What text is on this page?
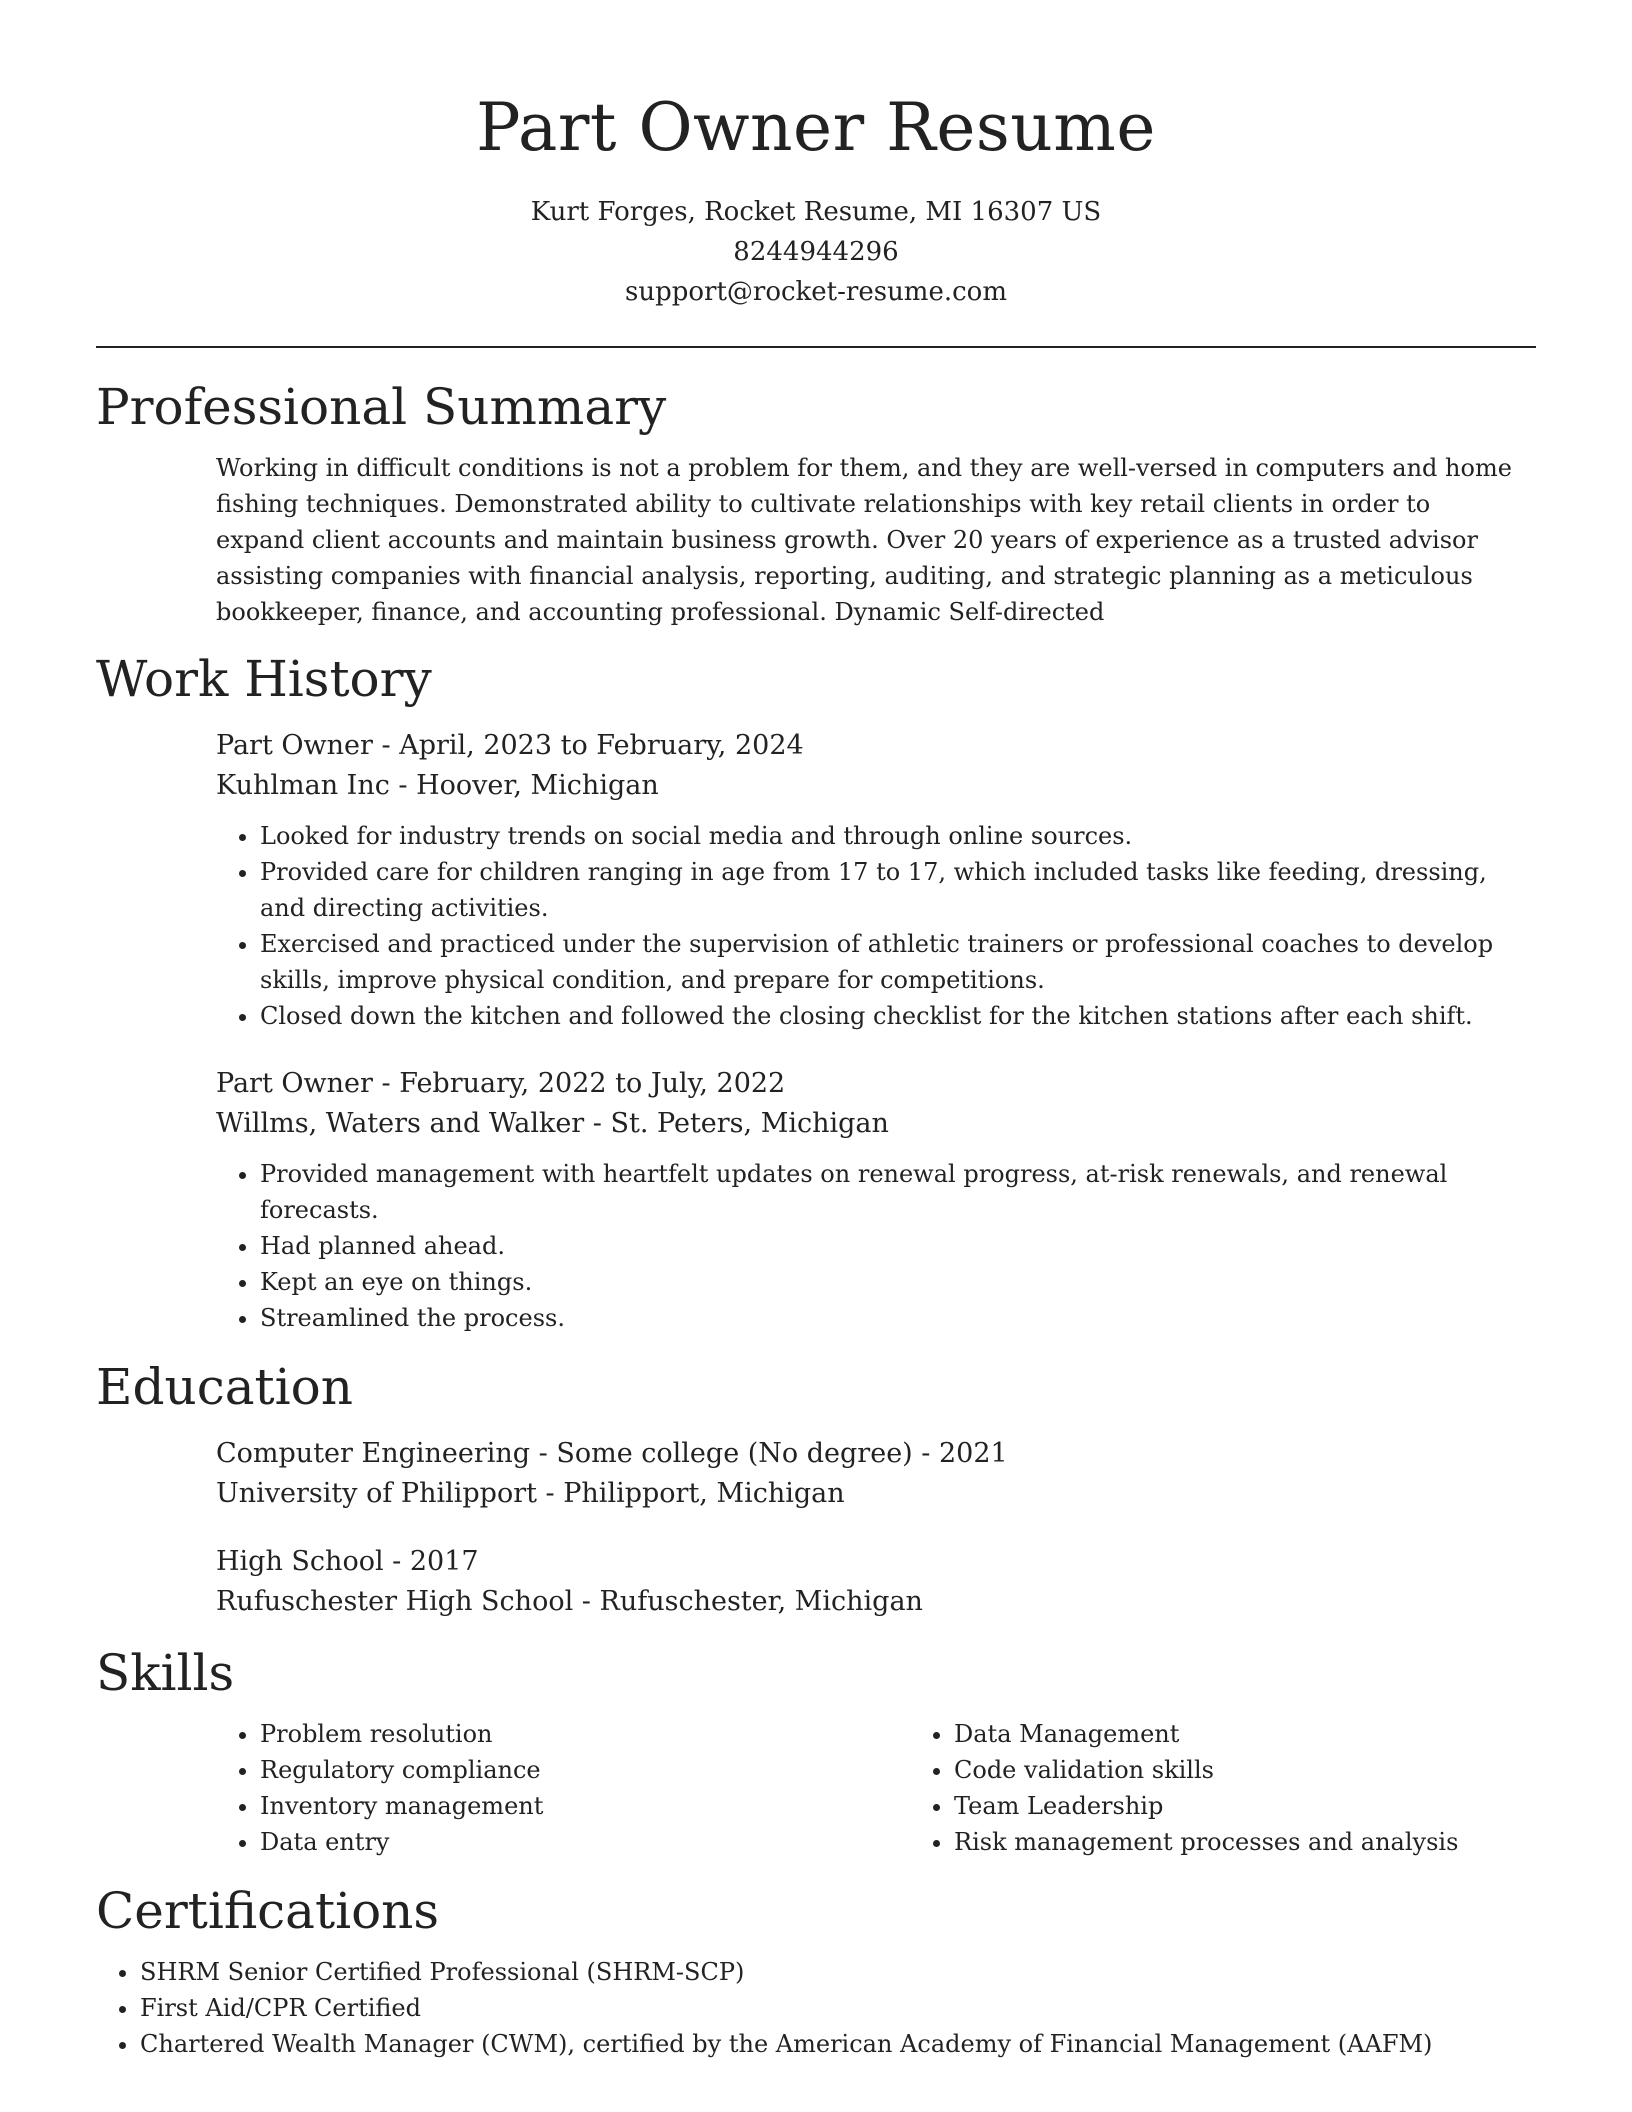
Part Owner Resume
Kurt Forges, Rocket Resume, MI 16307 US
8244944296
support@rocket-resume.com
Professional Summary
Working in difficult conditions is not a problem for them, and they are well-versed in computers and home fishing techniques. Demonstrated ability to cultivate relationships with key retail clients in order to expand client accounts and maintain business growth. Over 20 years of experience as a trusted advisor assisting companies with financial analysis, reporting, auditing, and strategic planning as a meticulous bookkeeper, finance, and accounting professional. Dynamic Self-directed
Work History
Part Owner - April, 2023 to February, 2024
Kuhlman Inc - Hoover, Michigan
• Looked for industry trends on social media and through online sources.
• Provided care for children ranging in age from 17 to 17, which included tasks like feeding, dressing, and directing activities.
• Exercised and practiced under the supervision of athletic trainers or professional coaches to develop skills, improve physical condition, and prepare for competitions.
• Closed down the kitchen and followed the closing checklist for the kitchen stations after each shift.
Part Owner - February, 2022 to July, 2022
Willms, Waters and Walker - St. Peters, Michigan
• Provided management with heartfelt updates on renewal progress, at-risk renewals, and renewal forecasts.
• Had planned ahead.
• Kept an eye on things.
• Streamlined the process.
Education
Computer Engineering - Some college (No degree) - 2021
University of Philipport - Philipport, Michigan
High School - 2017
Rufuschester High School - Rufuschester, Michigan
Skills
• Problem resolution
• Regulatory compliance
• Inventory management
• Data entry
• Data Management
• Code validation skills
• Team Leadership
• Risk management processes and analysis
Certifications
• SHRM Senior Certified Professional (SHRM-SCP)
• First Aid/CPR Certified
• Chartered Wealth Manager (CWM), certified by the American Academy of Financial Management (AAFM)
